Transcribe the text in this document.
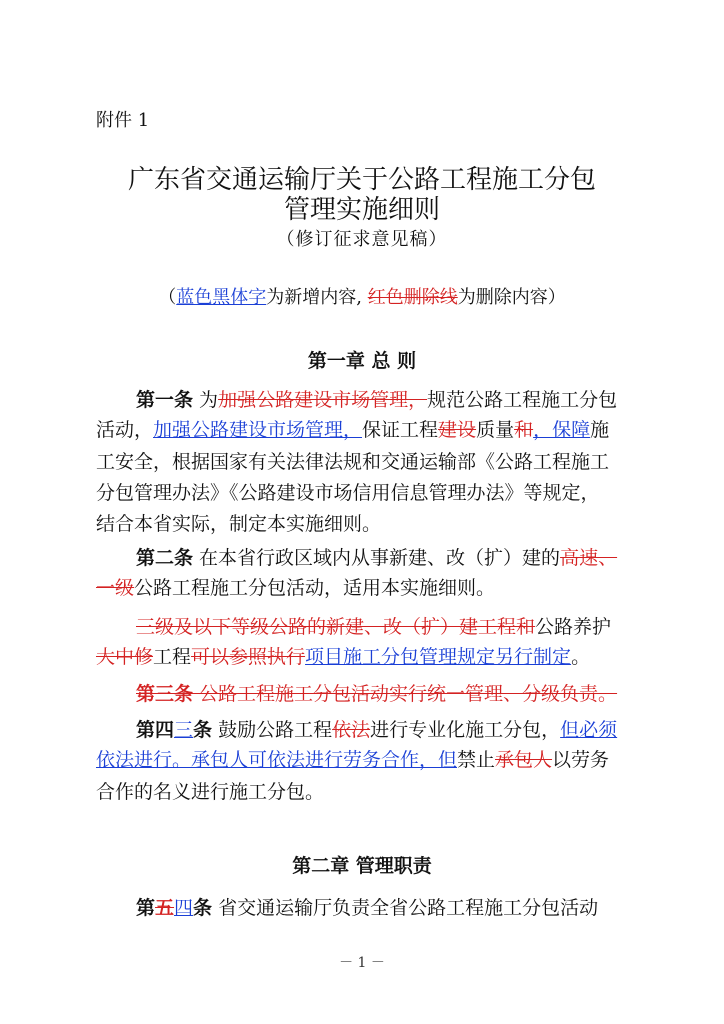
附件 1
广东省交通运输厅关于公路工程施工分包
管理实施细则
（修订征求意见稿）
（蓝色黑体字为新增内容, 红色删除线为删除内容）
第一章 总 则
第一条 为加强公路建设市场管理，规范公路工程施工分包
活动，加强公路建设市场管理，保证工程建设质量和，保障施
工安全，根据国家有关法律法规和交通运输部《公路工程施工
分包管理办法》《公路建设市场信用信息管理办法》等规定，
结合本省实际，制定本实施细则。
第二条 在本省行政区域内从事新建、改（扩）建的高速、
一级公路工程施工分包活动，适用本实施细则。
三级及以下等级公路的新建、改（扩）建工程和公路养护
大中修工程可以参照执行项目施工分包管理规定另行制定。
第三条 公路工程施工分包活动实行统一管理、分级负责。
第四三条 鼓励公路工程依法进行专业化施工分包，但必须
依法进行。承包人可依法进行劳务合作，但禁止承包人以劳务
合作的名义进行施工分包。
第五四条 省交通运输厅负责全省公路工程施工分包活动
第二章 管理职责
－ 1 －
